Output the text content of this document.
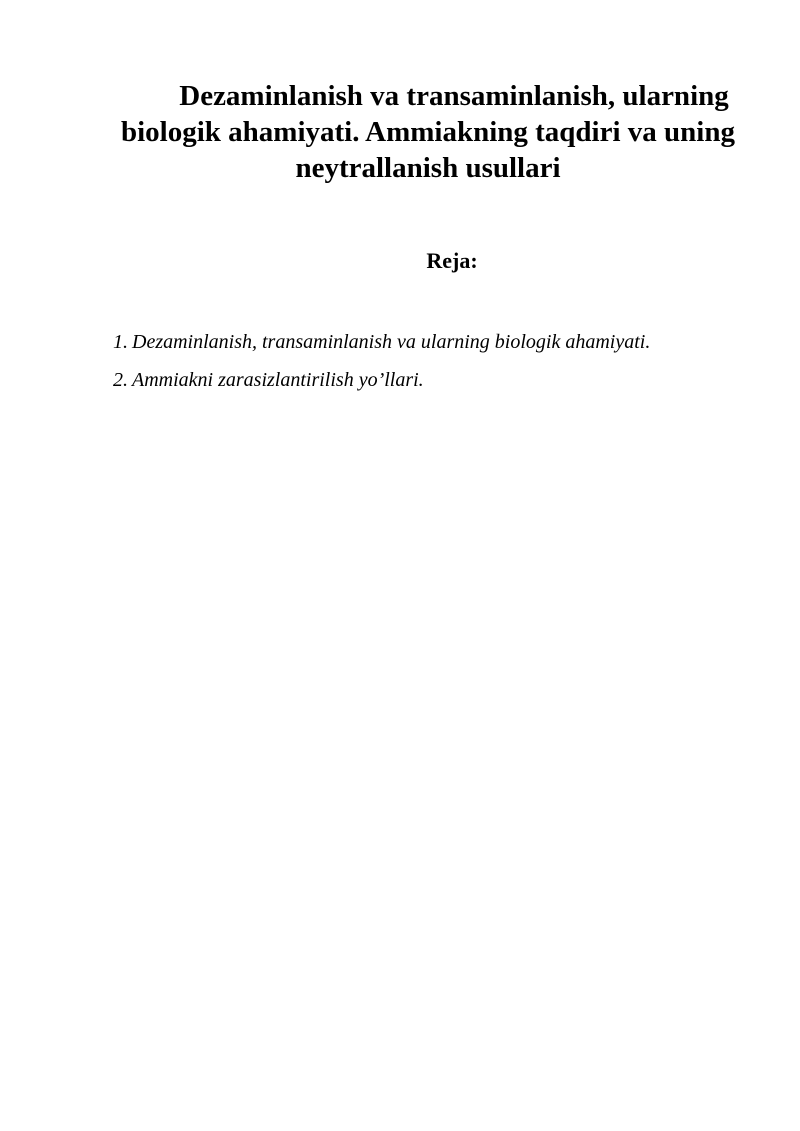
Dezaminlanish va transaminlanish, ularning
biologik ahamiyati. Ammiakning taqdiri va uning
neytrallanish usullari
Reja:
1. Dezaminlanish, transaminlanish va ularning biologik ahamiyati.
2. Ammiakni zarasizlantirilish yo’llari.
